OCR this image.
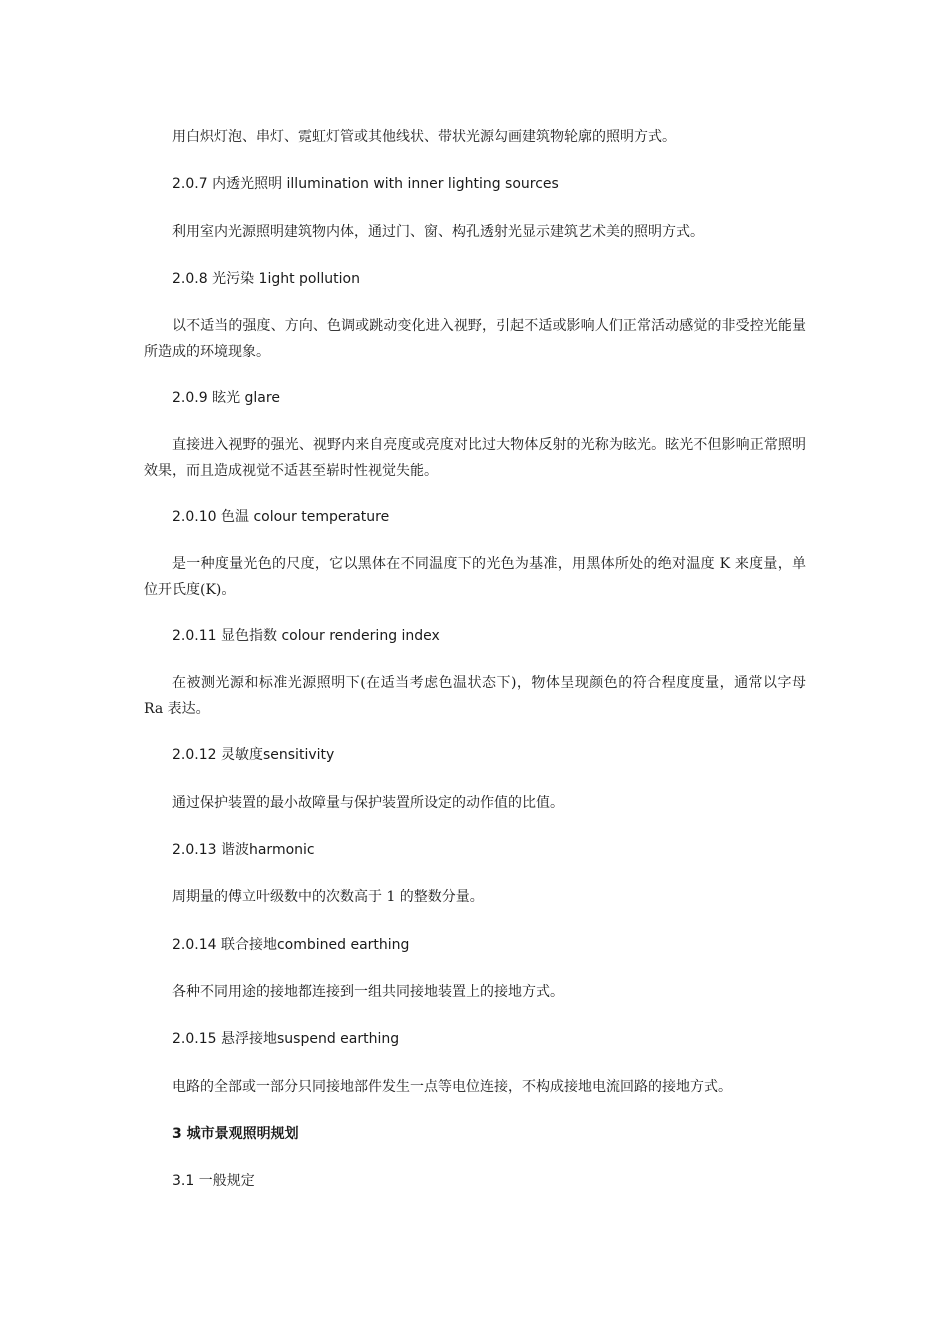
用白炽灯泡、串灯、霓虹灯管或其他线状、带状光源勾画建筑物轮廓的照明方式。
2.0.7 内透光照明 illumination with inner lighting sources
利用室内光源照明建筑物内体，通过门、窗、构孔透射光显示建筑艺术美的照明方式。
2.0.8 光污染 1ight pollution
以不适当的强度、方向、色调或跳动变化进入视野，引起不适或影响人们正常活动感觉的非受控光能量所造成的环境现象。
2.0.9 眩光 glare
直接进入视野的强光、视野内来自亮度或亮度对比过大物体反射的光称为眩光。眩光不但影响正常照明效果，而且造成视觉不适甚至崭时性视觉失能。
2.0.10 色温 colour temperature
是一种度量光色的尺度，它以黑体在不同温度下的光色为基准，用黑体所处的绝对温度 K 来度量，单位开氏度(K)。
2.0.11 显色指数 colour rendering index
在被测光源和标准光源照明下(在适当考虑色温状态下)，物体呈现颜色的符合程度度量，通常以字母 Ra 表达。
2.0.12 灵敏度sensitivity
通过保护装置的最小故障量与保护装置所设定的动作值的比值。
2.0.13 谐波harmonic
周期量的傅立叶级数中的次数高于 1 的整数分量。
2.0.14 联合接地combined earthing
各种不同用途的接地都连接到一组共同接地装置上的接地方式。
2.0.15 悬浮接地suspend earthing
电路的全部或一部分只同接地部件发生一点等电位连接，不构成接地电流回路的接地方式。
3 城市景观照明规划
3.1 一般规定
